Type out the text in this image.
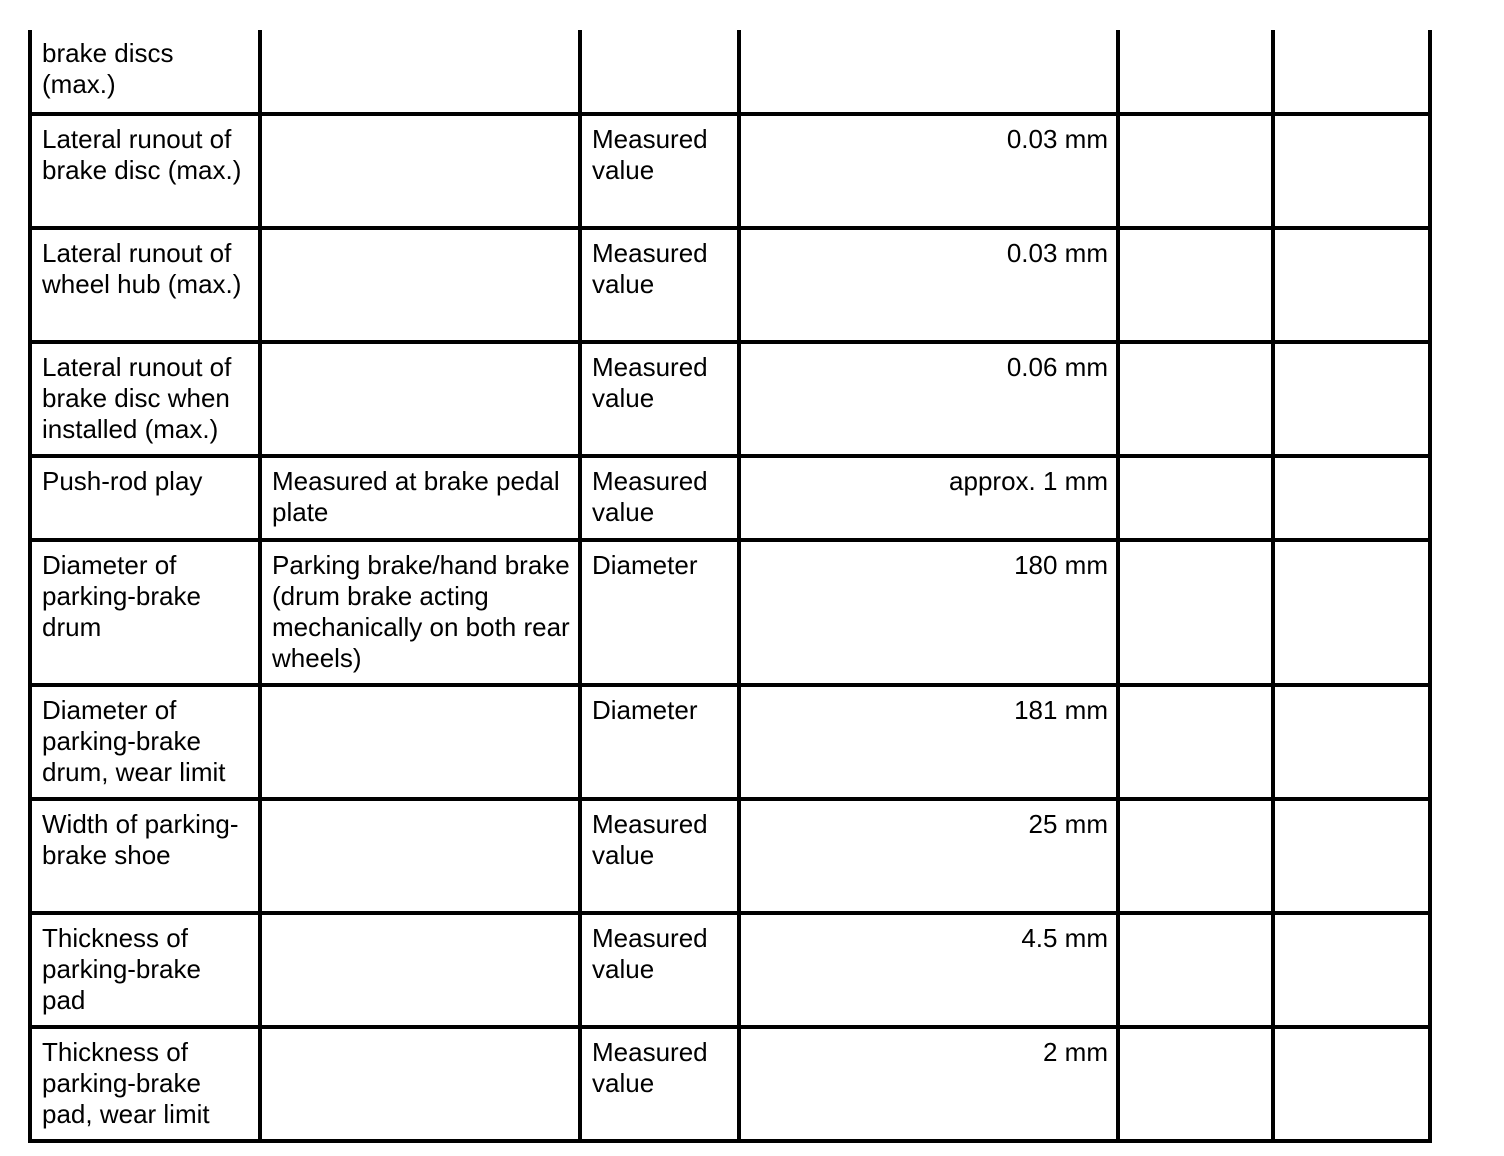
brake discs (max.)					
Lateral runout of brake disc (max.)		Measured value	0.03 mm		
Lateral runout of wheel hub (max.)		Measured value	0.03 mm		
Lateral runout of brake disc when installed (max.)		Measured value	0.06 mm		
Push-rod play	Measured at brake pedal plate	Measured value	approx. 1 mm		
Diameter of parking-brake drum	Parking brake/hand brake (drum brake acting mechanically on both rear wheels)	Diameter	180 mm		
Diameter of parking-brake drum, wear limit		Diameter	181 mm		
Width of parking-brake shoe		Measured value	25 mm		
Thickness of parking-brake pad		Measured value	4.5 mm		
Thickness of parking-brake pad, wear limit		Measured value	2 mm		
